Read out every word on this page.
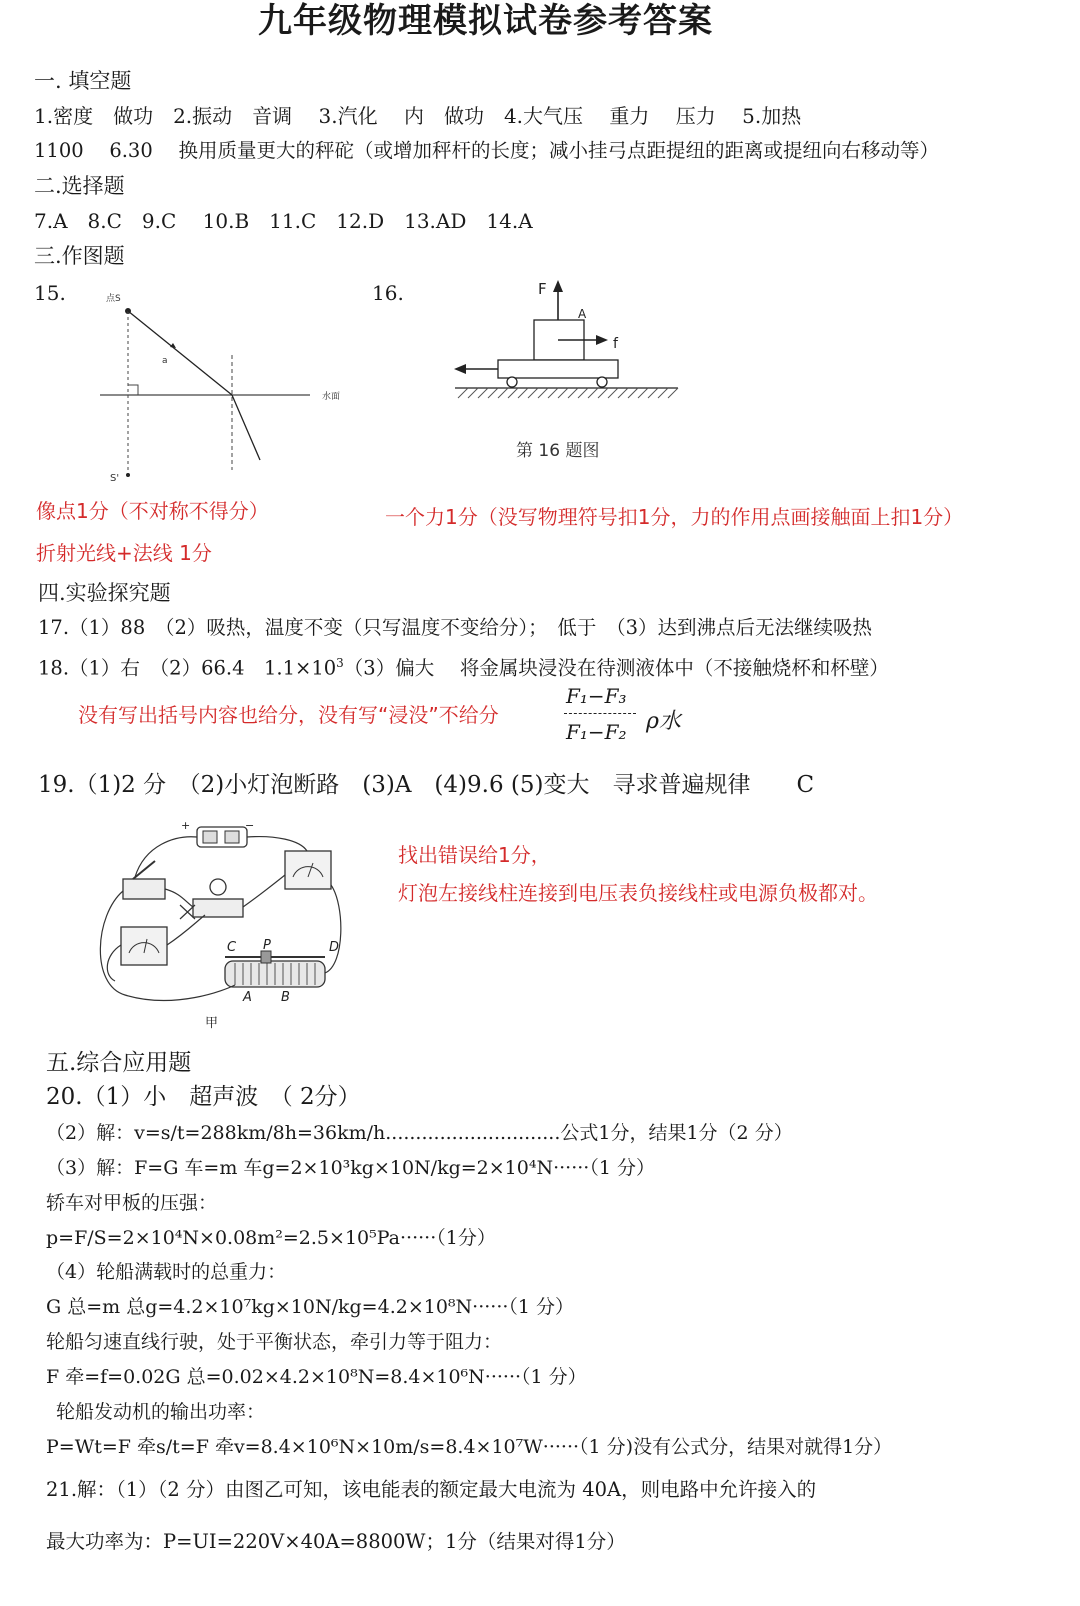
九年级物理模拟试卷参考答案
一. 填空题
1.密度　做功　2.振动　音调　 3.汽化　 内　做功　4.大气压　 重力　 压力　 5.加热
1100　 6.30　 换用质量更大的秤砣（或增加秤杆的长度；减小挂弓点距提纽的距离或提纽向右移动等）
二.选择题
7.A　8.C　9.C　 10.B　11.C　12.D　13.AD　14.A
三.作图题
15.	16.
点S
a
水面
S'
F
A
f
第 16 题图
像点1分（不对称不得分）	一个力1分（没写物理符号扣1分，力的作用点画接触面上扣1分）
折射光线+法线 1分
四.实验探究题
17.（1）88　（2）吸热，温度不变（只写温度不变给分）；　低于　（3）达到沸点后无法继续吸热
18.（1）右　（2）66.4　$1.1\times 10^3(3)$偏大　 将金属块浸没在待测液体中（不接触烧杯和杯壁）
没有写出括号内容也给分，没有写“浸没”不给分
F₁−F₃
F₁−F₂ ρ水
19.（1)2 分　（2)小灯泡断路　(3)A　(4)9.6 (5)变大　寻求普遍规律　　C
+	−
C P	D
A B
甲
找出错误给1分，
灯泡左接线柱连接到电压表负接线柱或电源负极都对。
五.综合应用题
20.（1）小　超声波　（ 2分）
（2）解：v=s/t=288km/8h=36km/h.............................公式1分，结果1分（2 分）
（3）解：F=G 车=m 车g=2×10³kg×10N/kg=2×10⁴N······（1 分）
轿车对甲板的压强：
p=F/S=2×10⁴N×0.08m²=2.5×10⁵Pa······（1分）
（4）轮船满载时的总重力：
G 总=m 总g=4.2×10⁷kg×10N/kg=4.2×10⁸N······（1 分）
轮船匀速直线行驶，处于平衡状态，牵引力等于阻力：
F 牵=f=0.02G 总=0.02×4.2×10⁸N=8.4×10⁶N······（1 分）
轮船发动机的输出功率：
P=Wt=F 牵s/t=F 牵v=8.4×10⁶N×10m/s=8.4×10⁷W······（1 分)没有公式分，结果对就得1分）
21.解：（1）（2 分）由图乙可知，该电能表的额定最大电流为 40A，则电路中允许接入的
最大功率为：P=UI=220V×40A=8800W；1分（结果对得1分）
